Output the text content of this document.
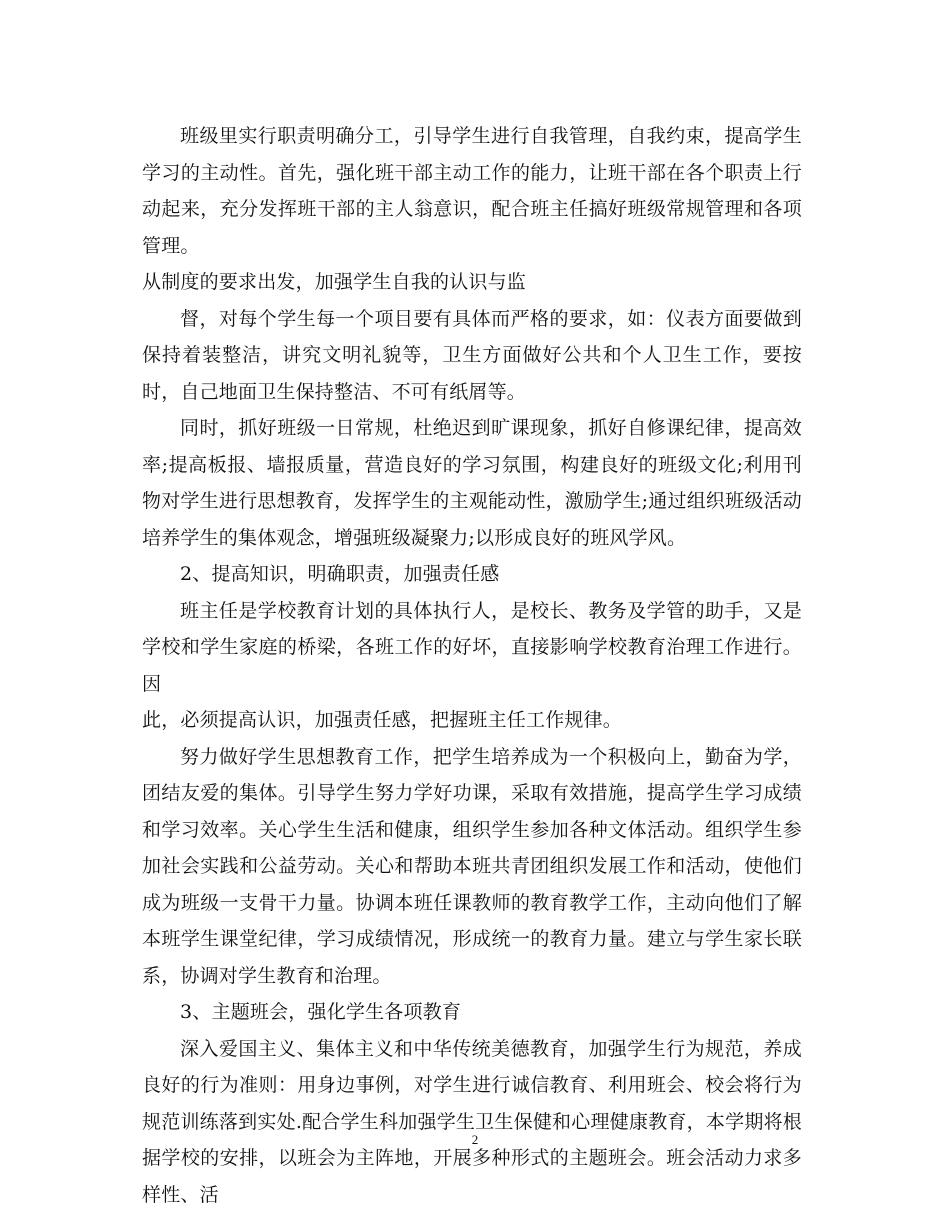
班级里实行职责明确分工，引导学生进行自我管理，自我约束，提高学生学习的主动性。首先，强化班干部主动工作的能力，让班干部在各个职责上行动起来，充分发挥班干部的主人翁意识，配合班主任搞好班级常规管理和各项管理。

从制度的要求出发，加强学生自我的认识与监

督，对每个学生每一个项目要有具体而严格的要求，如：仪表方面要做到保持着装整洁，讲究文明礼貌等，卫生方面做好公共和个人卫生工作，要按时，自己地面卫生保持整洁、不可有纸屑等。

同时，抓好班级一日常规，杜绝迟到旷课现象，抓好自修课纪律，提高效率;提高板报、墙报质量，营造良好的学习氛围，构建良好的班级文化;利用刊物对学生进行思想教育，发挥学生的主观能动性，激励学生;通过组织班级活动培养学生的集体观念，增强班级凝聚力;以形成良好的班风学风。

2、提高知识，明确职责，加强责任感

班主任是学校教育计划的具体执行人，是校长、教务及学管的助手，又是学校和学生家庭的桥梁，各班工作的好坏，直接影响学校教育治理工作进行。因

此，必须提高认识，加强责任感，把握班主任工作规律。

努力做好学生思想教育工作，把学生培养成为一个积极向上，勤奋为学，团结友爱的集体。引导学生努力学好功课，采取有效措施，提高学生学习成绩和学习效率。关心学生生活和健康，组织学生参加各种文体活动。组织学生参加社会实践和公益劳动。关心和帮助本班共青团组织发展工作和活动，使他们成为班级一支骨干力量。协调本班任课教师的教育教学工作，主动向他们了解本班学生课堂纪律，学习成绩情况，形成统一的教育力量。建立与学生家长联系，协调对学生教育和治理。

3、主题班会，强化学生各项教育

深入爱国主义、集体主义和中华传统美德教育，加强学生行为规范，养成良好的行为准则：用身边事例，对学生进行诚信教育、利用班会、校会将行为规范训练落到实处.配合学生科加强学生卫生保健和心理健康教育，本学期将根据学校的安排，以班会为主阵地，开展多种形式的主题班会。班会活动力求多样性、活

2
